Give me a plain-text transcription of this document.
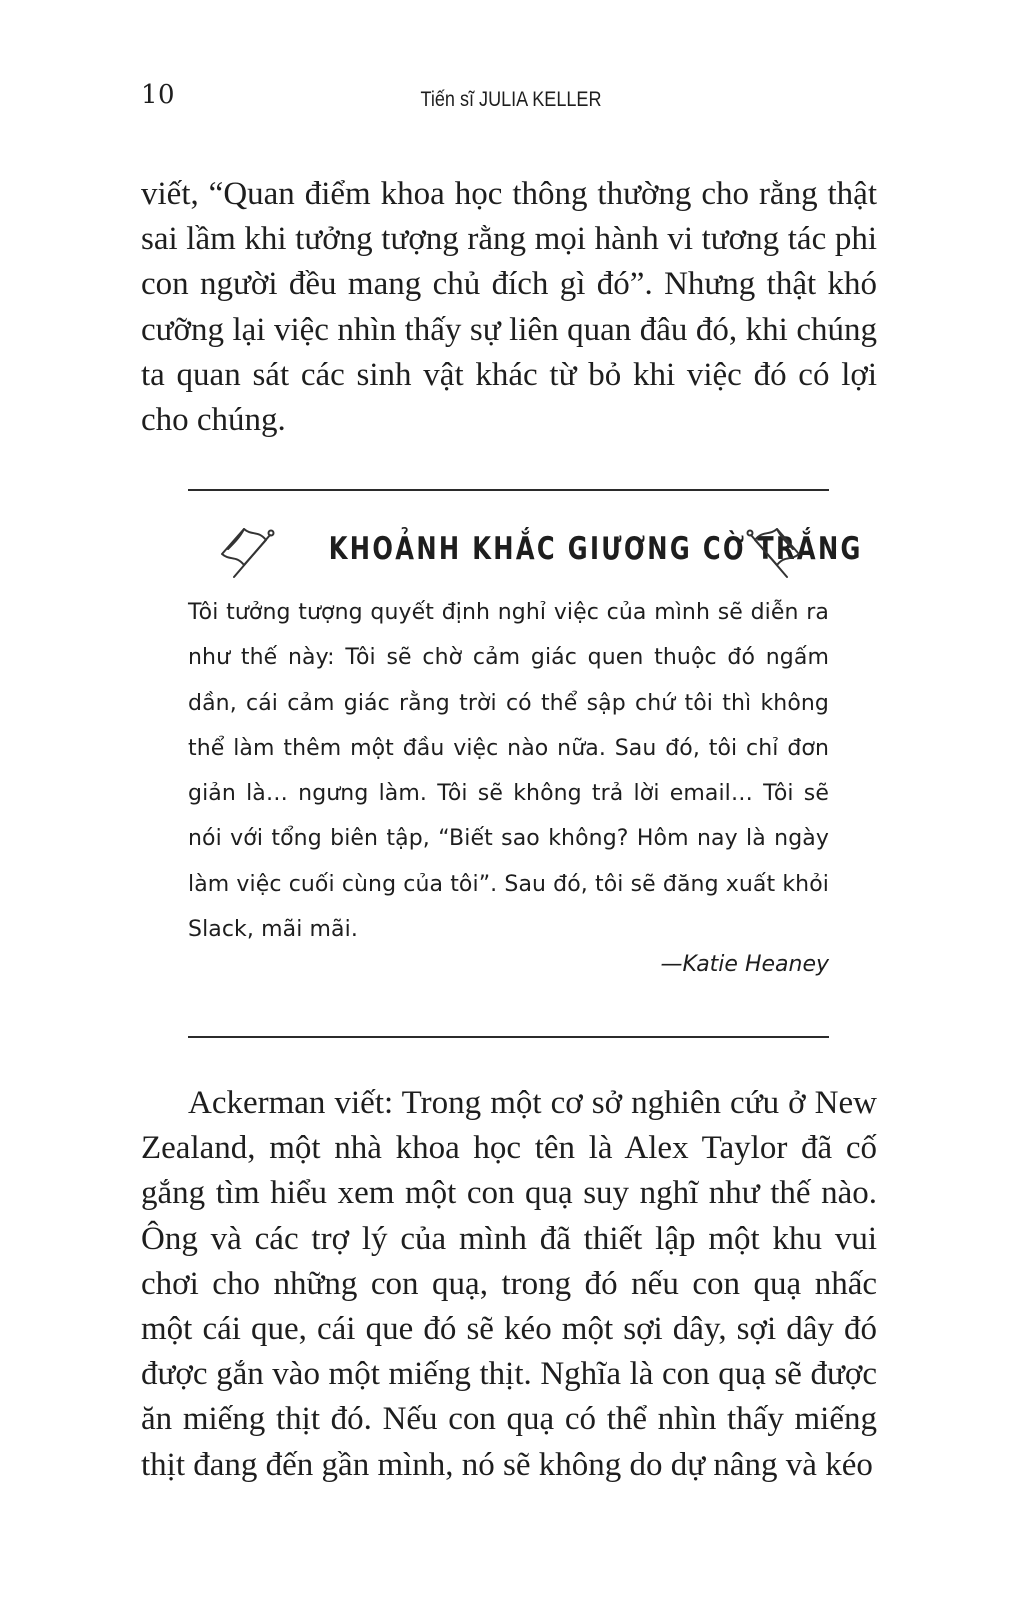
10	Tiến sĩ JULIA KELLER

viết, “Quan điểm khoa học thông thường cho rằng thật sai lầm khi tưởng tượng rằng mọi hành vi tương tác phi con người đều mang chủ đích gì đó”. Nhưng thật khó cưỡng lại việc nhìn thấy sự liên quan đâu đó, khi chúng ta quan sát các sinh vật khác từ bỏ khi việc đó có lợi cho chúng.

KHOẢNH KHẮC GIƯƠNG CỜ TRẮNG

Tôi tưởng tượng quyết định nghỉ việc của mình sẽ diễn ra như thế này: Tôi sẽ chờ cảm giác quen thuộc đó ngấm dần, cái cảm giác rằng trời có thể sập chứ tôi thì không thể làm thêm một đầu việc nào nữa. Sau đó, tôi chỉ đơn giản là… ngưng làm. Tôi sẽ không trả lời email… Tôi sẽ nói với tổng biên tập, “Biết sao không? Hôm nay là ngày làm việc cuối cùng của tôi”. Sau đó, tôi sẽ đăng xuất khỏi Slack, mãi mãi.

—Katie Heaney

Ackerman viết: Trong một cơ sở nghiên cứu ở New Zealand, một nhà khoa học tên là Alex Taylor đã cố gắng tìm hiểu xem một con quạ suy nghĩ như thế nào. Ông và các trợ lý của mình đã thiết lập một khu vui chơi cho những con quạ, trong đó nếu con quạ nhấc một cái que, cái que đó sẽ kéo một sợi dây, sợi dây đó được gắn vào một miếng thịt. Nghĩa là con quạ sẽ được ăn miếng thịt đó. Nếu con quạ có thể nhìn thấy miếng thịt đang đến gần mình, nó sẽ không do dự nâng và kéo
